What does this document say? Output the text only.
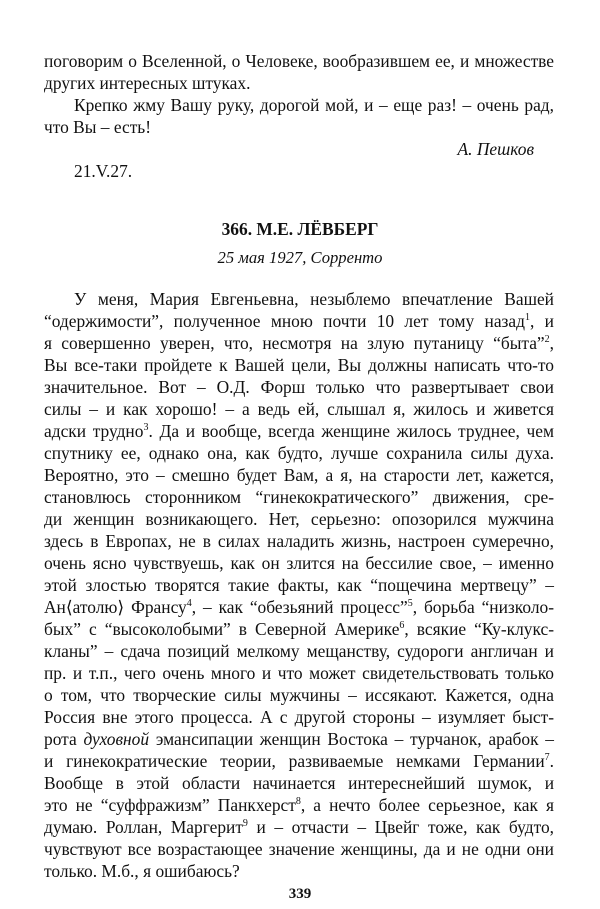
поговорим о Вселенной, о Человеке, вообразившем ее, и множестве

других интересных штуках.

Крепко жму Вашу руку, дорогой мой, и – еще раз! – очень рад,

что Вы – есть!

А. Пешков
21.V.27.
366. М.Е. ЛЁВБЕРГ
25 мая 1927, Сорренто

У меня, Мария Евгеньевна, незыблемо впечатление Вашей

“одержимости”, полученное мною почти 10 лет тому назад$^1$, и

я совершенно уверен, что, несмотря на злую путаницу “быта”$^2$,

Вы все-таки пройдете к Вашей цели, Вы должны написать что-то

значительное. Вот – О.Д. Форш только что развертывает свои

силы – и как хорошо! – а ведь ей, слышал я, жилось и живется

адски трудно$^3$. Да и вообще, всегда женщине жилось труднее, чем

спутнику ее, однако она, как будто, лучше сохранила силы духа.

Вероятно, это – смешно будет Вам, а я, на старости лет, кажется,

становлюсь сторонником “гинекократического” движения, сре-

ди женщин возникающего. Нет, серьезно: опозорился мужчина

здесь в Европах, не в силах наладить жизнь, настроен сумеречно,

очень ясно чувствуешь, как он злится на бессилие свое, – именно

этой злостью творятся такие факты, как “пощечина мертвецу” –

Ан⟨атолю⟩ Франсу$^4$, – как “обезьяний процесс”$^5$, борьба “низколо-

бых” с “высоколобыми” в Северной Америке$^6$, всякие “Ку-клукс-

кланы” – сдача позиций мелкому мещанству, судороги англичан и

пр. и т.п., чего очень много и что может свидетельствовать только

о том, что творческие силы мужчины – иссякают. Кажется, одна

Россия вне этого процесса. А с другой стороны – изумляет быст-

рота духовной эмансипации женщин Востока – турчанок, арабок –

и гинекократические теории, развиваемые немками Германии$^7$.

Вообще в этой области начинается интереснейший шумок, и

это не “суффражизм” Панкхерст$^8$, а нечто более серьезное, как я

думаю. Роллан, Маргерит$^9$ и – отчасти – Цвейг тоже, как будто,

чувствуют все возрастающее значение женщины, да и не одни они

только. М.б., я ошибаюсь?

339
